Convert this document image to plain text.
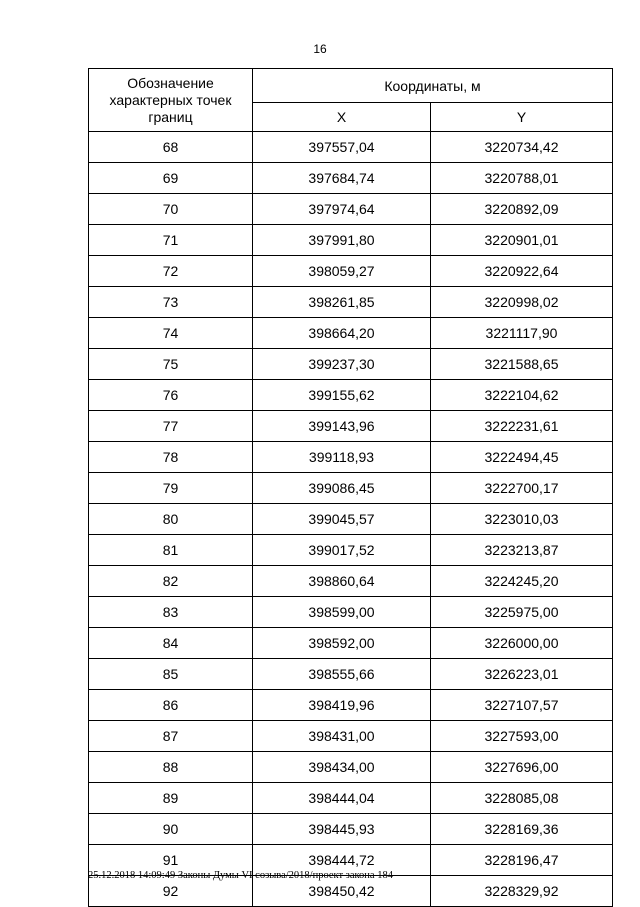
16
Обозначение характерных точек границ	Координаты, м	
	X	Y
68	397557,04	3220734,42
69	397684,74	3220788,01
70	397974,64	3220892,09
71	397991,80	3220901,01
72	398059,27	3220922,64
73	398261,85	3220998,02
74	398664,20	3221117,90
75	399237,30	3221588,65
76	399155,62	3222104,62
77	399143,96	3222231,61
78	399118,93	3222494,45
79	399086,45	3222700,17
80	399045,57	3223010,03
81	399017,52	3223213,87
82	398860,64	3224245,20
83	398599,00	3225975,00
84	398592,00	3226000,00
85	398555,66	3226223,01
86	398419,96	3227107,57
87	398431,00	3227593,00
88	398434,00	3227696,00
89	398444,04	3228085,08
90	398445,93	3228169,36
91	398444,72	3228196,47
92	398450,42	3228329,92
25.12.2018 14:09:49 Законы Думы VI созыва/2018/проект закона 184
